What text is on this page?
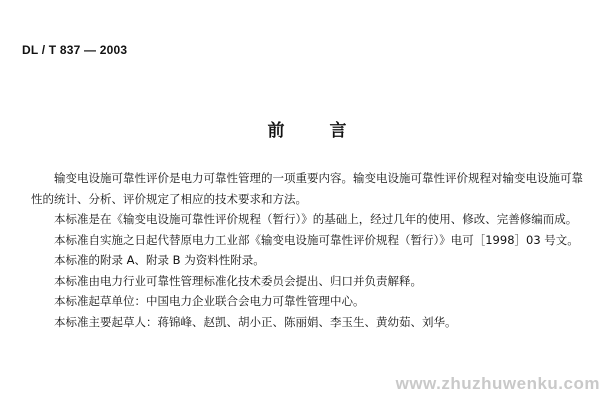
DL / T 837 — 2003
前　言

输变电设施可靠性评价是电力可靠性管理的一项重要内容。输变电设施可靠性评价规程对输变电设施可靠性的统计、分析、评价规定了相应的技术要求和方法。

本标准是在《输变电设施可靠性评价规程（暂行）》的基础上，经过几年的使用、修改、完善修编而成。

本标准自实施之日起代替原电力工业部《输变电设施可靠性评价规程（暂行）》电可［1998］03 号文。

本标准的附录 A、附录 B 为资料性附录。

本标准由电力行业可靠性管理标准化技术委员会提出、归口并负责解释。

本标准起草单位：中国电力企业联合会电力可靠性管理中心。

本标准主要起草人：蒋锦峰、赵凯、胡小正、陈丽娟、李玉生、黄幼茹、刘华。

www.zhuzhuwenku.com
